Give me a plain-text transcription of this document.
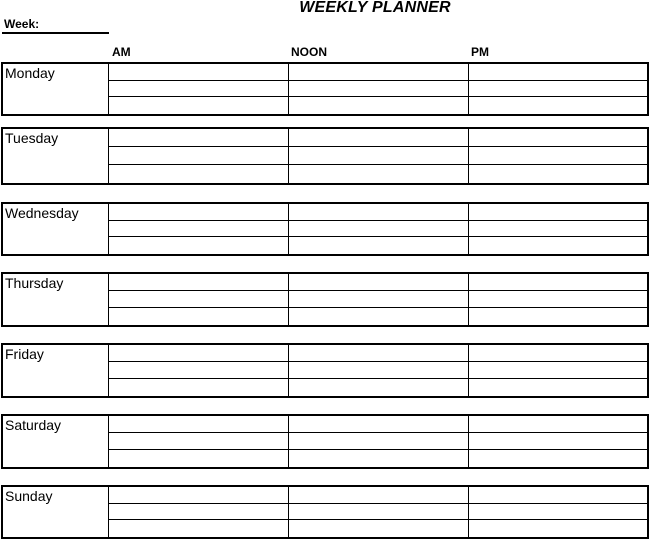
WEEKLY PLANNER
Week:
AM	NOON	PM
Monday
Tuesday
Wednesday
Thursday
Friday
Saturday
Sunday
